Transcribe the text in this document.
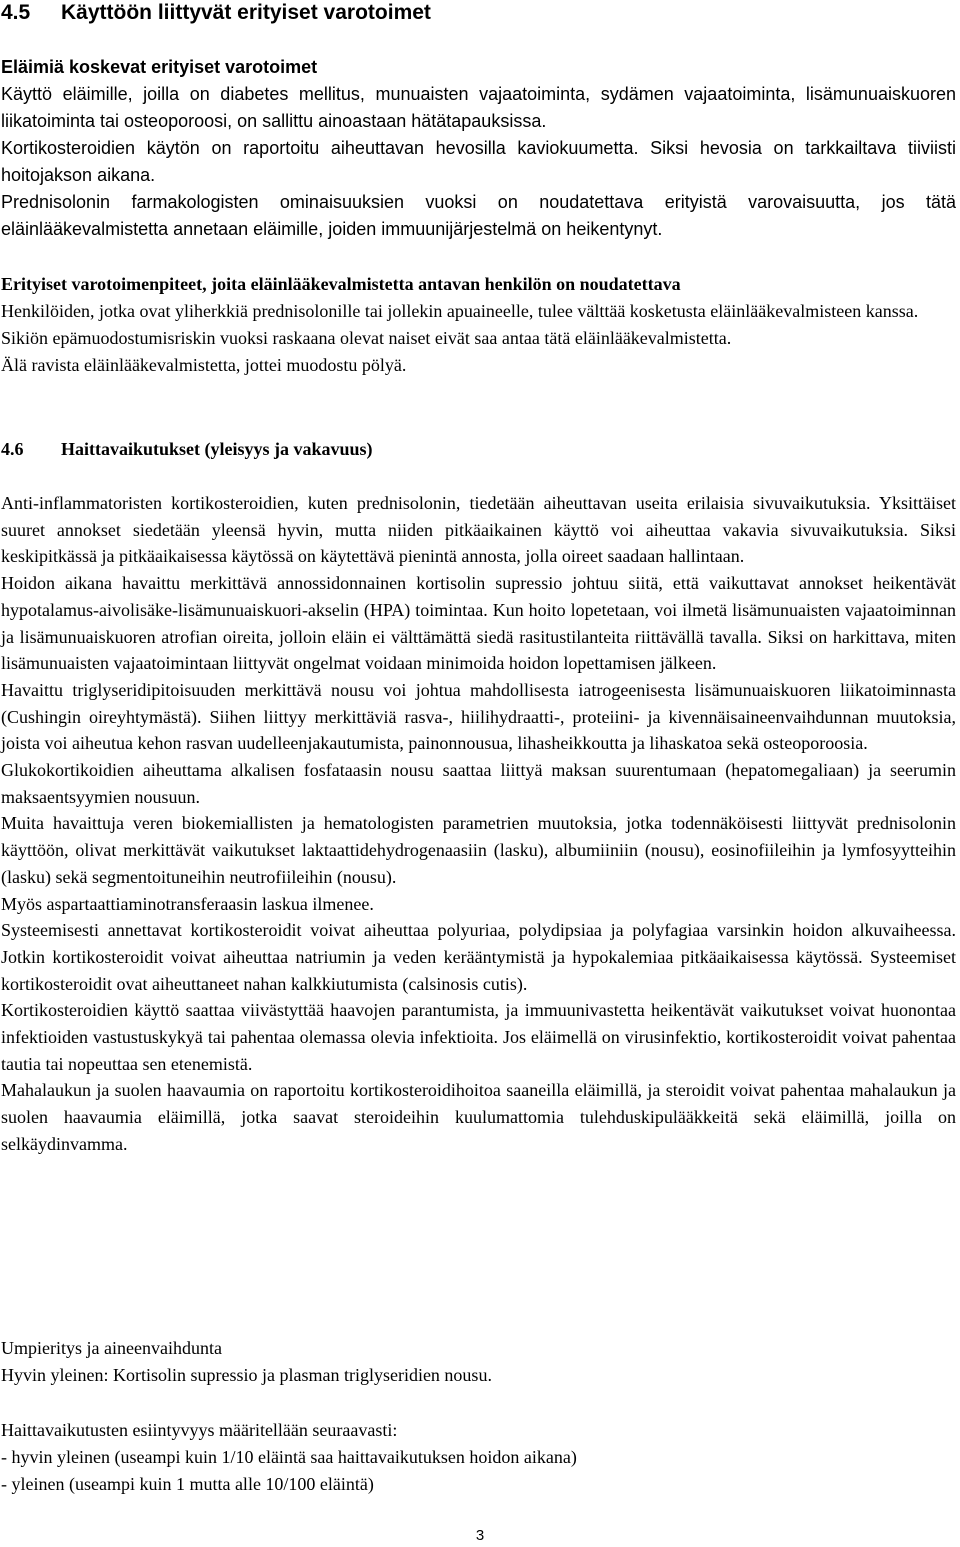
4.5 Käyttöön liittyvät erityiset varotoimet

Eläimiä koskevat erityiset varotoimet

Käyttö eläimille, joilla on diabetes mellitus, munuaisten vajaatoiminta, sydämen vajaatoiminta, lisämunuaiskuoren liikatoiminta tai osteoporoosi, on sallittu ainoastaan hätätapauksissa.

Kortikosteroidien käytön on raportoitu aiheuttavan hevosilla kaviokuumetta. Siksi hevosia on tarkkailtava tiiviisti hoitojakson aikana.

Prednisolonin farmakologisten ominaisuuksien vuoksi on noudatettava erityistä varovaisuutta, jos tätä eläinlääkevalmistetta annetaan eläimille, joiden immuunijärjestelmä on heikentynyt.

Erityiset varotoimenpiteet, joita eläinlääkevalmistetta antavan henkilön on noudatettava

Henkilöiden, jotka ovat yliherkkiä prednisolonille tai jollekin apuaineelle, tulee välttää kosketusta eläinlääkevalmisteen kanssa.

Sikiön epämuodostumisriskin vuoksi raskaana olevat naiset eivät saa antaa tätä eläinlääkevalmistetta.

Älä ravista eläinlääkevalmistetta, jottei muodostu pölyä.

4.6 Haittavaikutukset (yleisyys ja vakavuus)

Anti-inflammatoristen kortikosteroidien, kuten prednisolonin, tiedetään aiheuttavan useita erilaisia sivuvaikutuksia. Yksittäiset suuret annokset siedetään yleensä hyvin, mutta niiden pitkäaikainen käyttö voi aiheuttaa vakavia sivuvaikutuksia. Siksi keskipitkässä ja pitkäaikaisessa käytössä on käytettävä pienintä annosta, jolla oireet saadaan hallintaan.

Hoidon aikana havaittu merkittävä annossidonnainen kortisolin supressio johtuu siitä, että vaikuttavat annokset heikentävät hypotalamus-aivolisäke-lisämunuaiskuori-akselin (HPA) toimintaa. Kun hoito lopetetaan, voi ilmetä lisämunuaisten vajaatoiminnan ja lisämunuaiskuoren atrofian oireita, jolloin eläin ei välttämättä siedä rasitustilanteita riittävällä tavalla. Siksi on harkittava, miten lisämunuaisten vajaatoimintaan liittyvät ongelmat voidaan minimoida hoidon lopettamisen jälkeen.

Havaittu triglyseridipitoisuuden merkittävä nousu voi johtua mahdollisesta iatrogeenisesta lisämunuaiskuoren liikatoiminnasta (Cushingin oireyhtymästä). Siihen liittyy merkittäviä rasva-, hiilihydraatti-, proteiini- ja kivennäisaineenvaihdunnan muutoksia, joista voi aiheutua kehon rasvan uudelleenjakautumista, painonnousua, lihasheikkoutta ja lihaskatoa sekä osteoporoosia.

Glukokortikoidien aiheuttama alkalisen fosfataasin nousu saattaa liittyä maksan suurentumaan (hepatomegaliaan) ja seerumin maksaentsyymien nousuun.

Muita havaittuja veren biokemiallisten ja hematologisten parametrien muutoksia, jotka todennäköisesti liittyvät prednisolonin käyttöön, olivat merkittävät vaikutukset laktaattidehydrogenaasiin (lasku), albumiiniin (nousu), eosinofiileihin ja lymfosyytteihin (lasku) sekä segmentoituneihin neutrofiileihin (nousu).

Myös aspartaattiaminotransferaasin laskua ilmenee.

Systeemisesti annettavat kortikosteroidit voivat aiheuttaa polyuriaa, polydipsiaa ja polyfagiaa varsinkin hoidon alkuvaiheessa. Jotkin kortikosteroidit voivat aiheuttaa natriumin ja veden kerääntymistä ja hypokalemiaa pitkäaikaisessa käytössä. Systeemiset kortikosteroidit ovat aiheuttaneet nahan kalkkiutumista (calsinosis cutis).

Kortikosteroidien käyttö saattaa viivästyttää haavojen parantumista, ja immuunivastetta heikentävät vaikutukset voivat huonontaa infektioiden vastustuskykyä tai pahentaa olemassa olevia infektioita. Jos eläimellä on virusinfektio, kortikosteroidit voivat pahentaa tautia tai nopeuttaa sen etenemistä.

Mahalaukun ja suolen haavaumia on raportoitu kortikosteroidihoitoa saaneilla eläimillä, ja steroidit voivat pahentaa mahalaukun ja suolen haavaumia eläimillä, jotka saavat steroideihin kuulumattomia tulehduskipulääkkeitä sekä eläimillä, joilla on selkäydinvamma.

Umpieritys ja aineenvaihdunta

Hyvin yleinen: Kortisolin supressio ja plasman triglyseridien nousu.

Haittavaikutusten esiintyvyys määritellään seuraavasti:

- hyvin yleinen (useampi kuin 1/10 eläintä saa haittavaikutuksen hoidon aikana)

- yleinen (useampi kuin 1 mutta alle 10/100 eläintä)

3
